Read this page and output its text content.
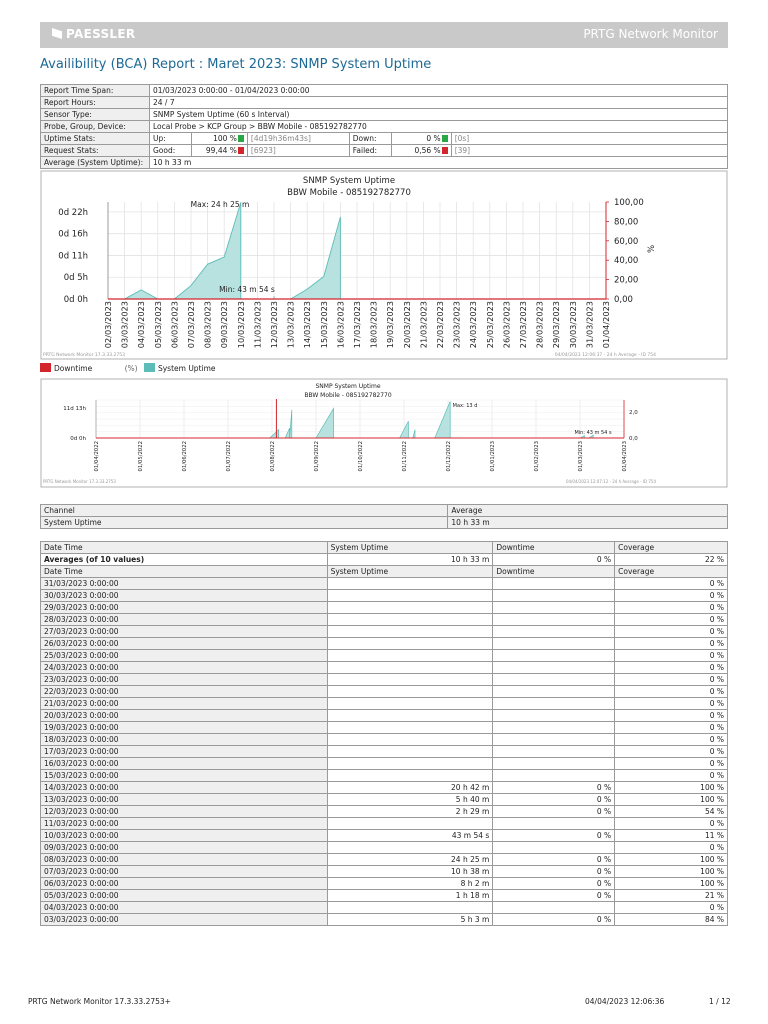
PAESSLER	PRTG Network Monitor
Availibility (BCA) Report : Maret 2023: SNMP System Uptime
Report Time Span:	01/03/2023 0:00:00 - 01/04/2023 0:00:00					
Report Hours:	24 / 7					
Sensor Type:	SNMP System Uptime (60 s Interval)					
Probe, Group, Device:	Local Probe > KCP Group > BBW Mobile - 085192782770					
Uptime Stats:	Up:	100 %	[4d19h36m43s]	Down:	0 %	[0s]
Request Stats:	Good:	99,44 %	[6923]	Failed:	0,56 %	[39]
Average (System Uptime):	10 h 33 m					
SNMP System Uptime
BBW Mobile - 085192782770
02/03/2023 03/03/2023 04/03/2023 05/03/2023 06/03/2023 07/03/2023 08/03/2023 09/03/2023 10/03/2023 11/03/2023 12/03/2023 13/03/2023 14/03/2023 15/03/2023 16/03/2023 17/03/2023 18/03/2023 19/03/2023 20/03/2023 21/03/2023 22/03/2023 23/03/2023 24/03/2023 25/03/2023 26/03/2023 27/03/2023 28/03/2023 29/03/2023 30/03/2023 31/03/2023 01/04/2023
0d 22h
0d 16h
0d 11h
0d 5h
0d 0h
100,00
80,00
60,00
40,00
20,00
0,00
Max: 24 h 25 m
Min: 43 m 54 s
%
PRTG Network Monitor 17.3.33.2753	04/04/2023 12:06:37 - 24 h Average - ID 754
Downtime	(%)	System Uptime
SNMP System Uptime
BBW Mobile - 085192782770
01/04/2022	01/05/2022	01/06/2022	01/07/2022	01/08/2022	01/09/2022	01/10/2022	01/11/2022	01/12/2022	01/01/2023	01/02/2023	01/03/2023	01/04/2023
11d 13h
0d 0h
2,0
0,0
Max: 13 d
Min: 43 m 54 s
PRTG Network Monitor 17.3.33.2753	04/04/2023 12:07:12 - 24 h Average - ID 754
Channel	Average
System Uptime	10 h 33 m
Date Time	System Uptime	Downtime	Coverage
Averages (of 10 values)	10 h 33 m	0 %	22 %
Date Time	System Uptime	Downtime	Coverage
31/03/2023 0:00:00			0 %
30/03/2023 0:00:00			0 %
29/03/2023 0:00:00			0 %
28/03/2023 0:00:00			0 %
27/03/2023 0:00:00			0 %
26/03/2023 0:00:00			0 %
25/03/2023 0:00:00			0 %
24/03/2023 0:00:00			0 %
23/03/2023 0:00:00			0 %
22/03/2023 0:00:00			0 %
21/03/2023 0:00:00			0 %
20/03/2023 0:00:00			0 %
19/03/2023 0:00:00			0 %
18/03/2023 0:00:00			0 %
17/03/2023 0:00:00			0 %
16/03/2023 0:00:00			0 %
15/03/2023 0:00:00			0 %
14/03/2023 0:00:00	20 h 42 m	0 %	100 %
13/03/2023 0:00:00	5 h 40 m	0 %	100 %
12/03/2023 0:00:00	2 h 29 m	0 %	54 %
11/03/2023 0:00:00			0 %
10/03/2023 0:00:00	43 m 54 s	0 %	11 %
09/03/2023 0:00:00			0 %
08/03/2023 0:00:00	24 h 25 m	0 %	100 %
07/03/2023 0:00:00	10 h 38 m	0 %	100 %
06/03/2023 0:00:00	8 h 2 m	0 %	100 %
05/03/2023 0:00:00	1 h 18 m	0 %	21 %
04/03/2023 0:00:00			0 %
03/03/2023 0:00:00	5 h 3 m	0 %	84 %
PRTG Network Monitor 17.3.33.2753+	04/04/2023 12:06:36	1 / 12
